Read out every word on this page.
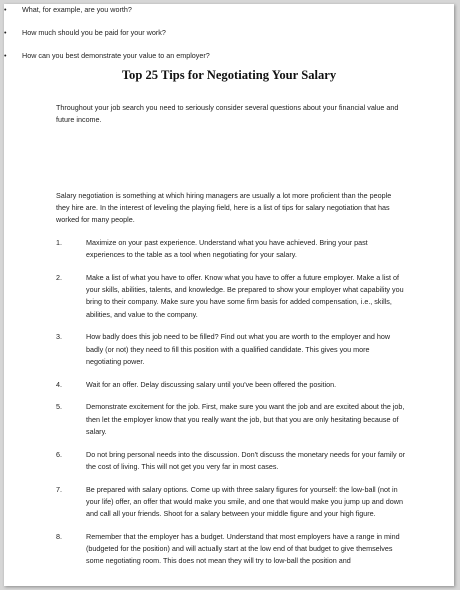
Top 25 Tips for Negotiating Your Salary

Throughout your job search you need to seriously consider several questions about your financial value and future income.

• What, for example, are you worth?
• How much should you be paid for your work?
• How can you best demonstrate your value to an employer?

Salary negotiation is something at which hiring managers are usually a lot more proficient than the people they hire are. In the interest of leveling the playing field, here is a list of tips for salary negotiation that has worked for many people.

1.	Maximize on your past experience. Understand what you have achieved. Bring your past experiences to the table as a tool when negotiating for your salary.
2.	Make a list of what you have to offer. Know what you have to offer a future employer. Make a list of your skills, abilities, talents, and knowledge. Be prepared to show your employer what capability you bring to their company. Make sure you have some firm basis for added compensation, i.e., skills, abilities, and value to the company.
3.	How badly does this job need to be filled? Find out what you are worth to the employer and how badly (or not) they need to fill this position with a qualified candidate. This gives you more negotiating power.
4.	Wait for an offer. Delay discussing salary until you've been offered the position.
5.	Demonstrate excitement for the job. First, make sure you want the job and are excited about the job, then let the employer know that you really want the job, but that you are only hesitating because of salary.
6.	Do not bring personal needs into the discussion. Don't discuss the monetary needs for your family or the cost of living. This will not get you very far in most cases.
7.	Be prepared with salary options. Come up with three salary figures for yourself: the low-ball (not in your life) offer, an offer that would make you smile, and one that would make you jump up and down and call all your friends. Shoot for a salary between your middle figure and your high figure.
8.	Remember that the employer has a budget. Understand that most employers have a range in mind (budgeted for the position) and will actually start at the low end of that budget to give themselves some negotiating room. This does not mean they will try to low-ball the position and
